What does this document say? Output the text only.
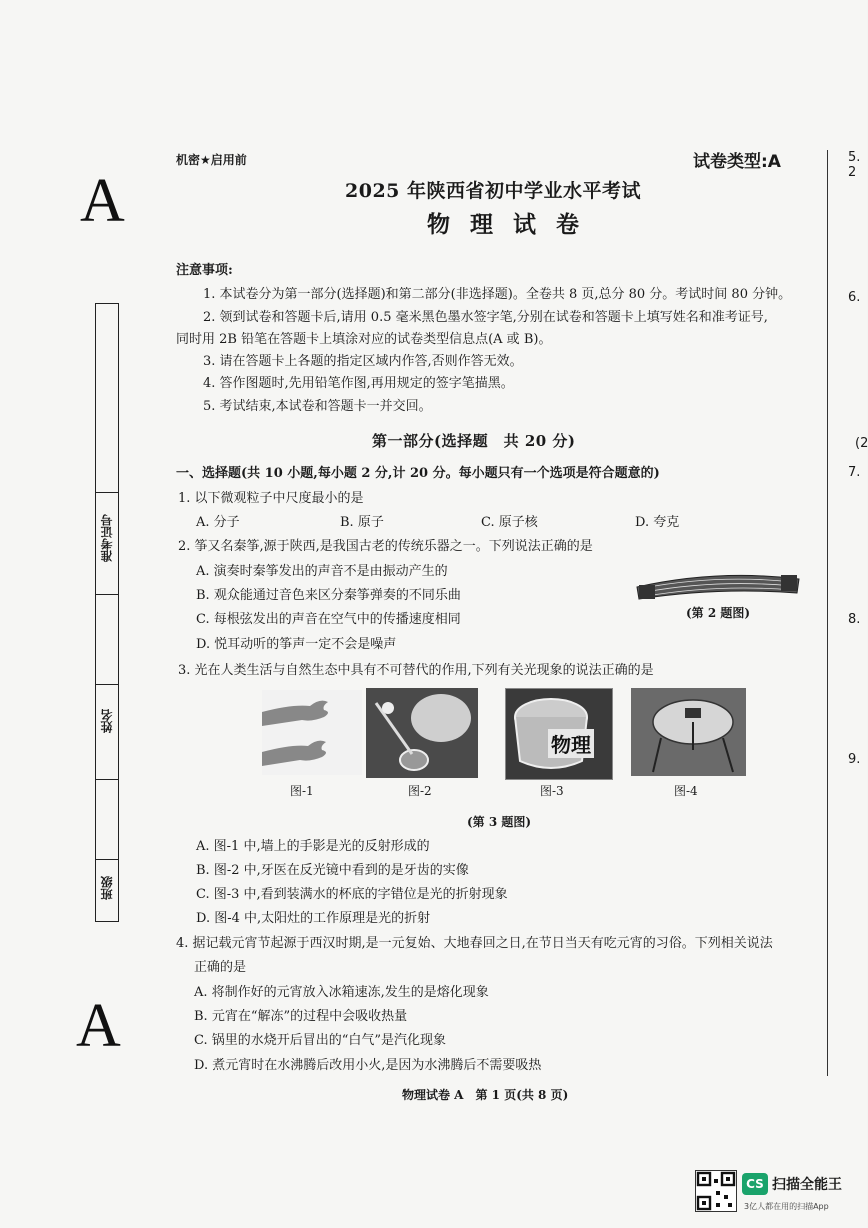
A
A
机密★启用前	试卷类型:A
2025 年陕西省初中学业水平考试
物 理 试 卷
准考证号
姓名
班级
注意事项:
1. 本试卷分为第一部分(选择题)和第二部分(非选择题)。全卷共 8 页,总分 80 分。考试时间 80 分钟。
2. 领到试卷和答题卡后,请用 0.5 毫米黑色墨水签字笔,分别在试卷和答题卡上填写姓名和准考证号,
同时用 2B 铅笔在答题卡上填涂对应的试卷类型信息点(A 或 B)。
3. 请在答题卡上各题的指定区域内作答,否则作答无效。
4. 答作图题时,先用铅笔作图,再用规定的签字笔描黑。
5. 考试结束,本试卷和答题卡一并交回。
第一部分(选择题　共 20 分)
一、选择题(共 10 小题,每小题 2 分,计 20 分。每小题只有一个选项是符合题意的)
1. 以下微观粒子中尺度最小的是
A. 分子	B. 原子	C. 原子核	D. 夸克
2. 筝又名秦筝,源于陕西,是我国古老的传统乐器之一。下列说法正确的是
A. 演奏时秦筝发出的声音不是由振动产生的
B. 观众能通过音色来区分秦筝弹奏的不同乐曲
C. 每根弦发出的声音在空气中的传播速度相同
D. 悦耳动听的筝声一定不会是噪声
(第 2 题图)
3. 光在人类生活与自然生态中具有不可替代的作用,下列有关光现象的说法正确的是
图-1	图-2
物理
图-3	图-4
(第 3 题图)
A. 图-1 中,墙上的手影是光的反射形成的
B. 图-2 中,牙医在反光镜中看到的是牙齿的实像
C. 图-3 中,看到装满水的杯底的字错位是光的折射现象
D. 图-4 中,太阳灶的工作原理是光的折射
4. 据记载元宵节起源于西汉时期,是一元复始、大地春回之日,在节日当天有吃元宵的习俗。下列相关说法
正确的是
A. 将制作好的元宵放入冰箱速冻,发生的是熔化现象
B. 元宵在“解冻”的过程中会吸收热量
C. 锅里的水烧开后冒出的“白气”是汽化现象
D. 煮元宵时在水沸腾后改用小火,是因为水沸腾后不需要吸热
物理试卷 A　第 1 页(共 8 页)
5. 2
6.
(2
7.
8.
9.
CS 扫描全能王
3亿人都在用的扫描App
